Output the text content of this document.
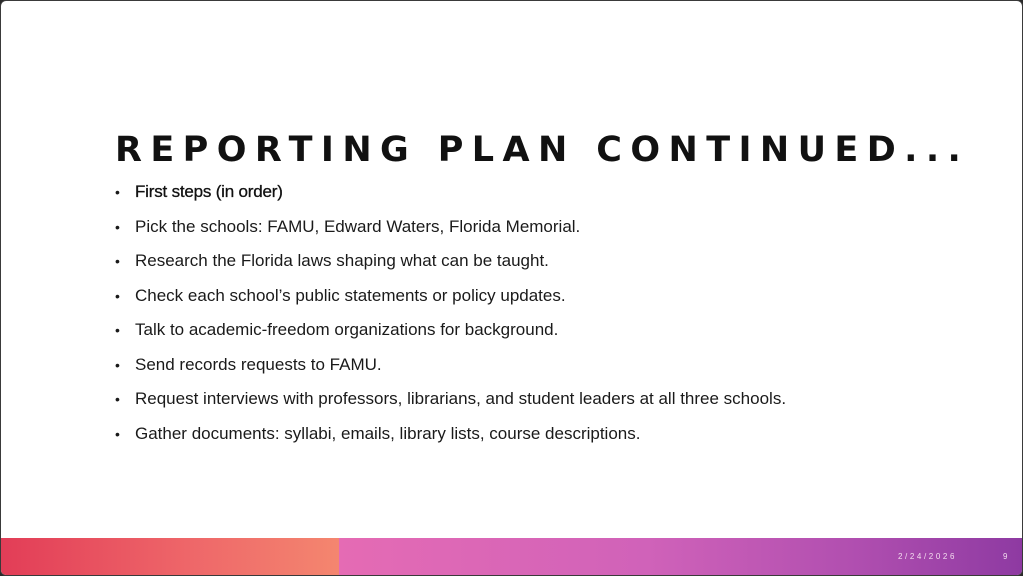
REPORTING PLAN CONTINUED...
• First steps (in order)
• Pick the schools: FAMU, Edward Waters, Florida Memorial.
• Research the Florida laws shaping what can be taught.
• Check each school’s public statements or policy updates.
• Talk to academic-freedom organizations for background.
• Send records requests to FAMU.
• Request interviews with professors, librarians, and student leaders at all three schools.
• Gather documents: syllabi, emails, library lists, course descriptions.
2/24/2026	9
